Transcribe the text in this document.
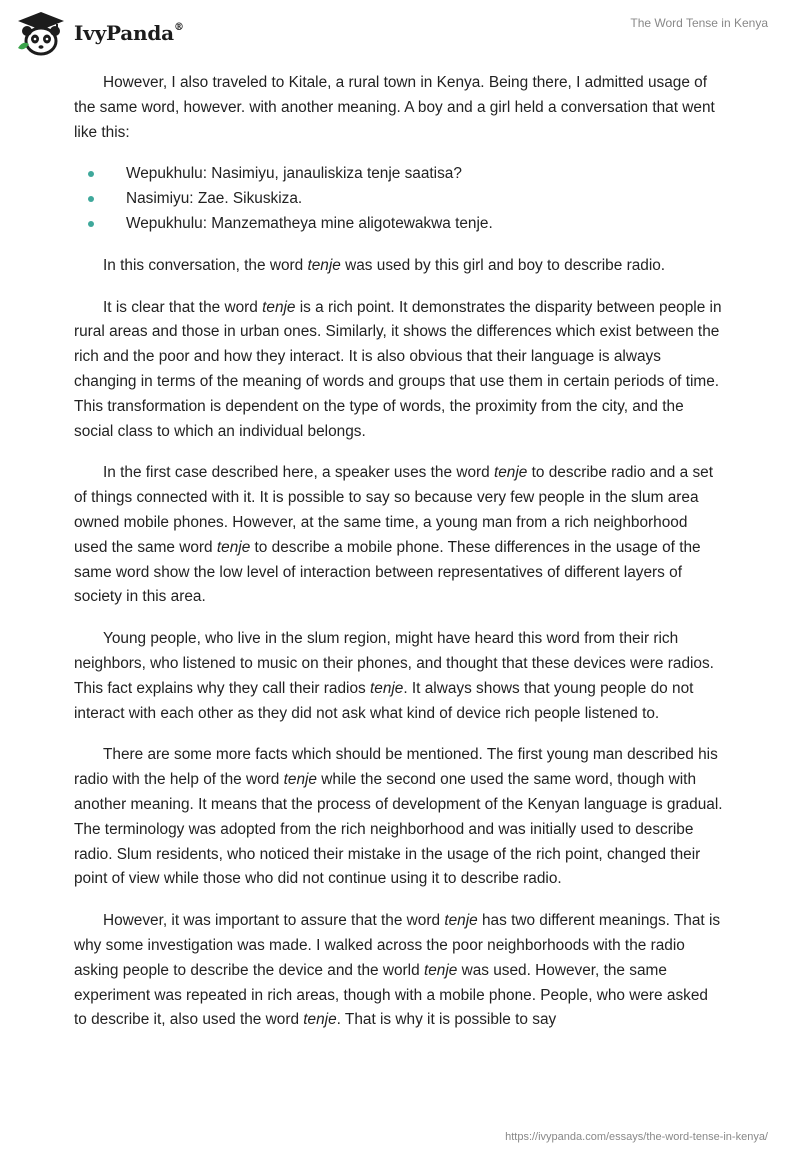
IvyPanda®	The Word Tense in Kenya

However, I also traveled to Kitale, a rural town in Kenya. Being there, I admitted usage of the same word, however. with another meaning. A boy and a girl held a conversation that went like this:

Wepukhulu: Nasimiyu, janauliskiza tenje saatisa?
Nasimiyu: Zae. Sikuskiza.
Wepukhulu: Manzematheya mine aligotewakwa tenje.

In this conversation, the word tenje was used by this girl and boy to describe radio.

It is clear that the word tenje is a rich point. It demonstrates the disparity between people in rural areas and those in urban ones. Similarly, it shows the differences which exist between the rich and the poor and how they interact. It is also obvious that their language is always changing in terms of the meaning of words and groups that use them in certain periods of time. This transformation is dependent on the type of words, the proximity from the city, and the social class to which an individual belongs.

In the first case described here, a speaker uses the word tenje to describe radio and a set of things connected with it. It is possible to say so because very few people in the slum area owned mobile phones. However, at the same time, a young man from a rich neighborhood used the same word tenje to describe a mobile phone. These differences in the usage of the same word show the low level of interaction between representatives of different layers of society in this area.

Young people, who live in the slum region, might have heard this word from their rich neighbors, who listened to music on their phones, and thought that these devices were radios. This fact explains why they call their radios tenje. It always shows that young people do not interact with each other as they did not ask what kind of device rich people listened to.

There are some more facts which should be mentioned. The first young man described his radio with the help of the word tenje while the second one used the same word, though with another meaning. It means that the process of development of the Kenyan language is gradual. The terminology was adopted from the rich neighborhood and was initially used to describe radio. Slum residents, who noticed their mistake in the usage of the rich point, changed their point of view while those who did not continue using it to describe radio.

However, it was important to assure that the word tenje has two different meanings. That is why some investigation was made. I walked across the poor neighborhoods with the radio asking people to describe the device and the world tenje was used. However, the same experiment was repeated in rich areas, though with a mobile phone. People, who were asked to describe it, also used the word tenje. That is why it is possible to say

https://ivypanda.com/essays/the-word-tense-in-kenya/
